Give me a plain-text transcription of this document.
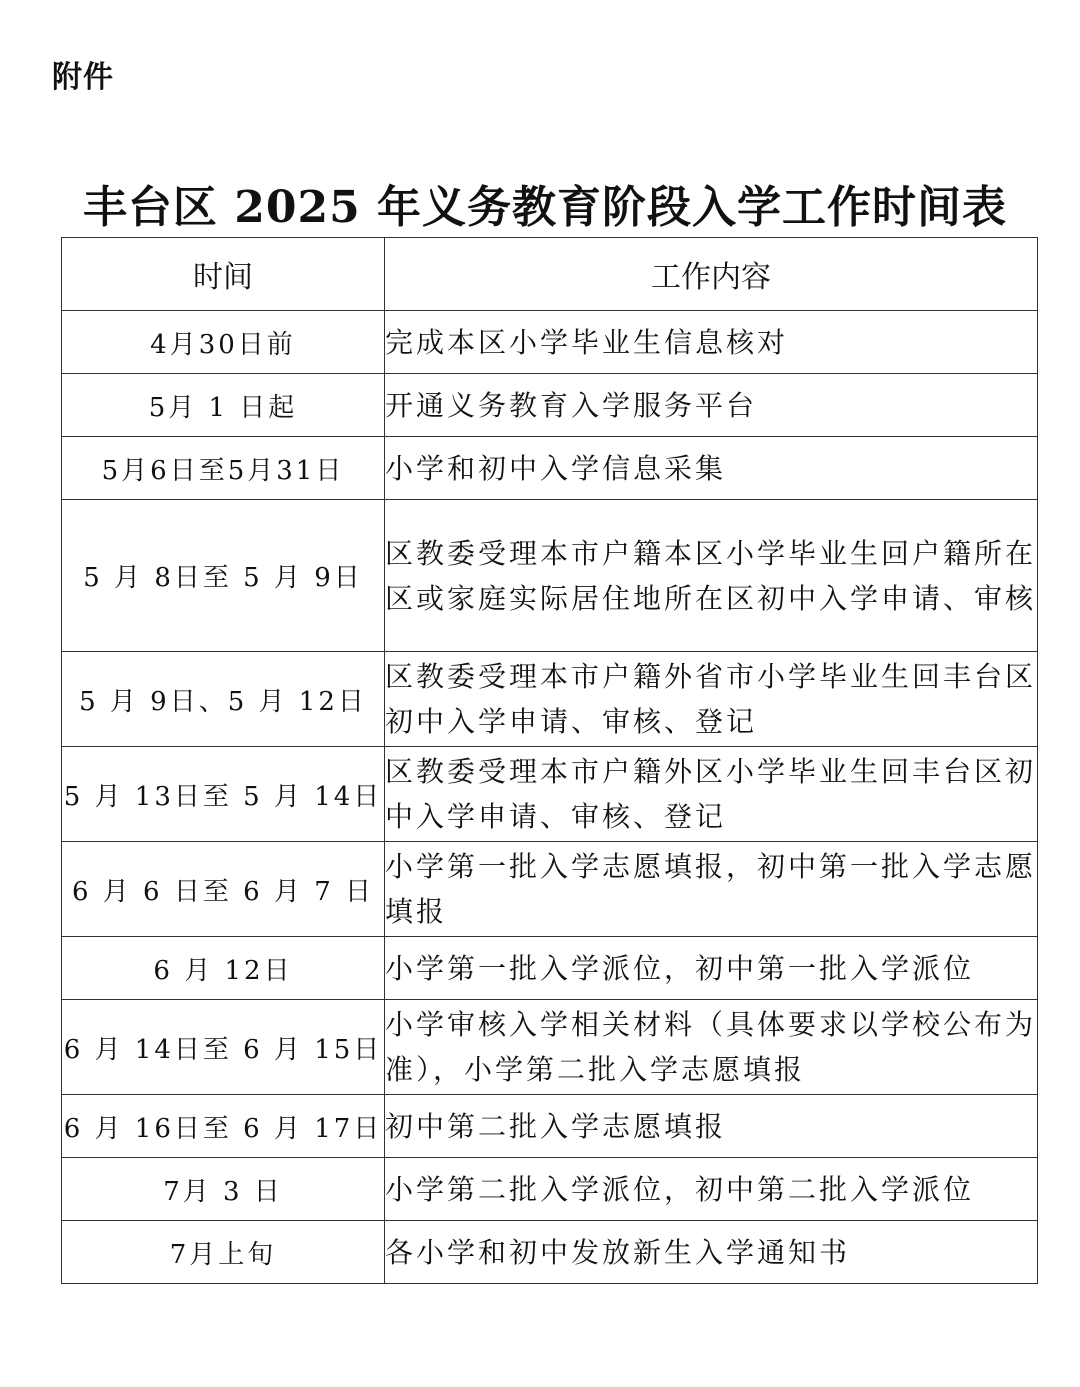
附件
丰台区 2025 年义务教育阶段入学工作时间表
时间	工作内容
4月30日前	完成本区小学毕业生信息核对
5月 1 日起	开通义务教育入学服务平台
5月6日至5月31日	小学和初中入学信息采集
5 月 8日至 5 月 9日	区教委受理本市户籍本区小学毕业生回户籍所在区或家庭实际居住地所在区初中入学申请、审核
5 月 9日、5 月 12日	区教委受理本市户籍外省市小学毕业生回丰台区初中入学申请、审核、登记
5 月 13日至 5 月 14日	区教委受理本市户籍外区小学毕业生回丰台区初中入学申请、审核、登记
6 月 6 日至 6 月 7 日	小学第一批入学志愿填报，初中第一批入学志愿填报
6 月 12日	小学第一批入学派位，初中第一批入学派位
6 月 14日至 6 月 15日	小学审核入学相关材料（具体要求以学校公布为准），小学第二批入学志愿填报
6 月 16日至 6 月 17日	初中第二批入学志愿填报
7月 3 日	小学第二批入学派位，初中第二批入学派位
7月上旬	各小学和初中发放新生入学通知书
